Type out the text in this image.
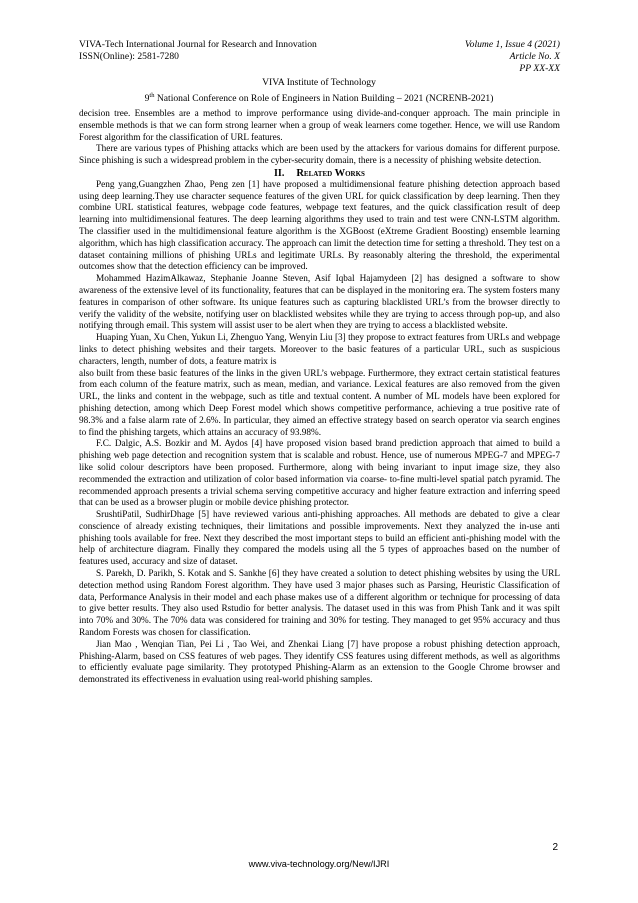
VIVA-Tech International Journal for Research and Innovation
ISSN(Online): 2581-7280
Volume 1, Issue 4 (2021)
Article No. X
PP XX-XX
VIVA Institute of Technology
9th National Conference on Role of Engineers in Nation Building – 2021 (NCRENB-2021)

decision tree. Ensembles are a method to improve performance using divide-and-conquer approach. The main principle in ensemble methods is that we can form strong learner when a group of weak learners come together. Hence, we will use Random Forest algorithm for the classification of URL features.

There are various types of Phishing attacks which are been used by the attackers for various domains for different purpose. Since phishing is such a widespread problem in the cyber-security domain, there is a necessity of phishing website detection.

II. Related Works

Peng yang,Guangzhen Zhao, Peng zen [1] have proposed a multidimensional feature phishing detection approach based using deep learning.They use character sequence features of the given URL for quick classification by deep learning. Then they combine URL statistical features, webpage code features, webpage text features, and the quick classification result of deep learning into multidimensional features. The deep learning algorithms they used to train and test were CNN-LSTM algorithm. The classifier used in the multidimensional feature algorithm is the XGBoost (eXtreme Gradient Boosting) ensemble learning algorithm, which has high classification accuracy. The approach can limit the detection time for setting a threshold. They test on a dataset containing millions of phishing URLs and legitimate URLs. By reasonably altering the threshold, the experimental outcomes show that the detection efficiency can be improved.

Mohammed HazimAlkawaz, Stephanie Joanne Steven, Asif Iqbal Hajamydeen [2] has designed a software to show awareness of the extensive level of its functionality, features that can be displayed in the monitoring era. The system fosters many features in comparison of other software. Its unique features such as capturing blacklisted URL’s from the browser directly to verify the validity of the website, notifying user on blacklisted websites while they are trying to access through pop-up, and also notifying through email. This system will assist user to be alert when they are trying to access a blacklisted website.

Huaping Yuan, Xu Chen, Yukun Li, Zhenguo Yang, Wenyin Liu [3] they propose to extract features from URLs and webpage links to detect phishing websites and their targets. Moreover to the basic features of a particular URL, such as suspicious characters, length, number of dots, a feature matrix is

also built from these basic features of the links in the given URL’s webpage. Furthermore, they extract certain statistical features from each column of the feature matrix, such as mean, median, and variance. Lexical features are also removed from the given URL, the links and content in the webpage, such as title and textual content. A number of ML models have been explored for phishing detection, among which Deep Forest model which shows competitive performance, achieving a true positive rate of 98.3% and a false alarm rate of 2.6%. In particular, they aimed an effective strategy based on search operator via search engines to find the phishing targets, which attains an accuracy of 93.98%.

F.C. Dalgic, A.S. Bozkir and M. Aydos [4] have proposed vision based brand prediction approach that aimed to build a phishing web page detection and recognition system that is scalable and robust. Hence, use of numerous MPEG-7 and MPEG-7 like solid colour descriptors have been proposed. Furthermore, along with being invariant to input image size, they also recommended the extraction and utilization of color based information via coarse- to-fine multi-level spatial patch pyramid. The recommended approach presents a trivial schema serving competitive accuracy and higher feature extraction and inferring speed that can be used as a browser plugin or mobile device phishing protector.

SrushtiPatil, SudhirDhage [5] have reviewed various anti-phishing approaches. All methods are debated to give a clear conscience of already existing techniques, their limitations and possible improvements. Next they analyzed the in-use anti phishing tools available for free. Next they described the most important steps to build an efficient anti-phishing model with the help of architecture diagram. Finally they compared the models using all the 5 types of approaches based on the number of features used, accuracy and size of dataset.

S. Parekh, D. Parikh, S. Kotak and S. Sankhe [6] they have created a solution to detect phishing websites by using the URL detection method using Random Forest algorithm. They have used 3 major phases such as Parsing, Heuristic Classification of data, Performance Analysis in their model and each phase makes use of a different algorithm or technique for processing of data to give better results. They also used Rstudio for better analysis. The dataset used in this was from Phish Tank and it was spilt into 70% and 30%. The 70% data was considered for training and 30% for testing. They managed to get 95% accuracy and thus Random Forests was chosen for classification.

Jian Mao , Wenqian Tian, Pei Li , Tao Wei, and Zhenkai Liang [7] have propose a robust phishing detection approach, Phishing-Alarm, based on CSS features of web pages. They identify CSS features using different methods, as well as algorithms to efficiently evaluate page similarity. They prototyped Phishing-Alarm as an extension to the Google Chrome browser and demonstrated its effectiveness in evaluation using real-world phishing samples.

2
www.viva-technology.org/New/IJRI
